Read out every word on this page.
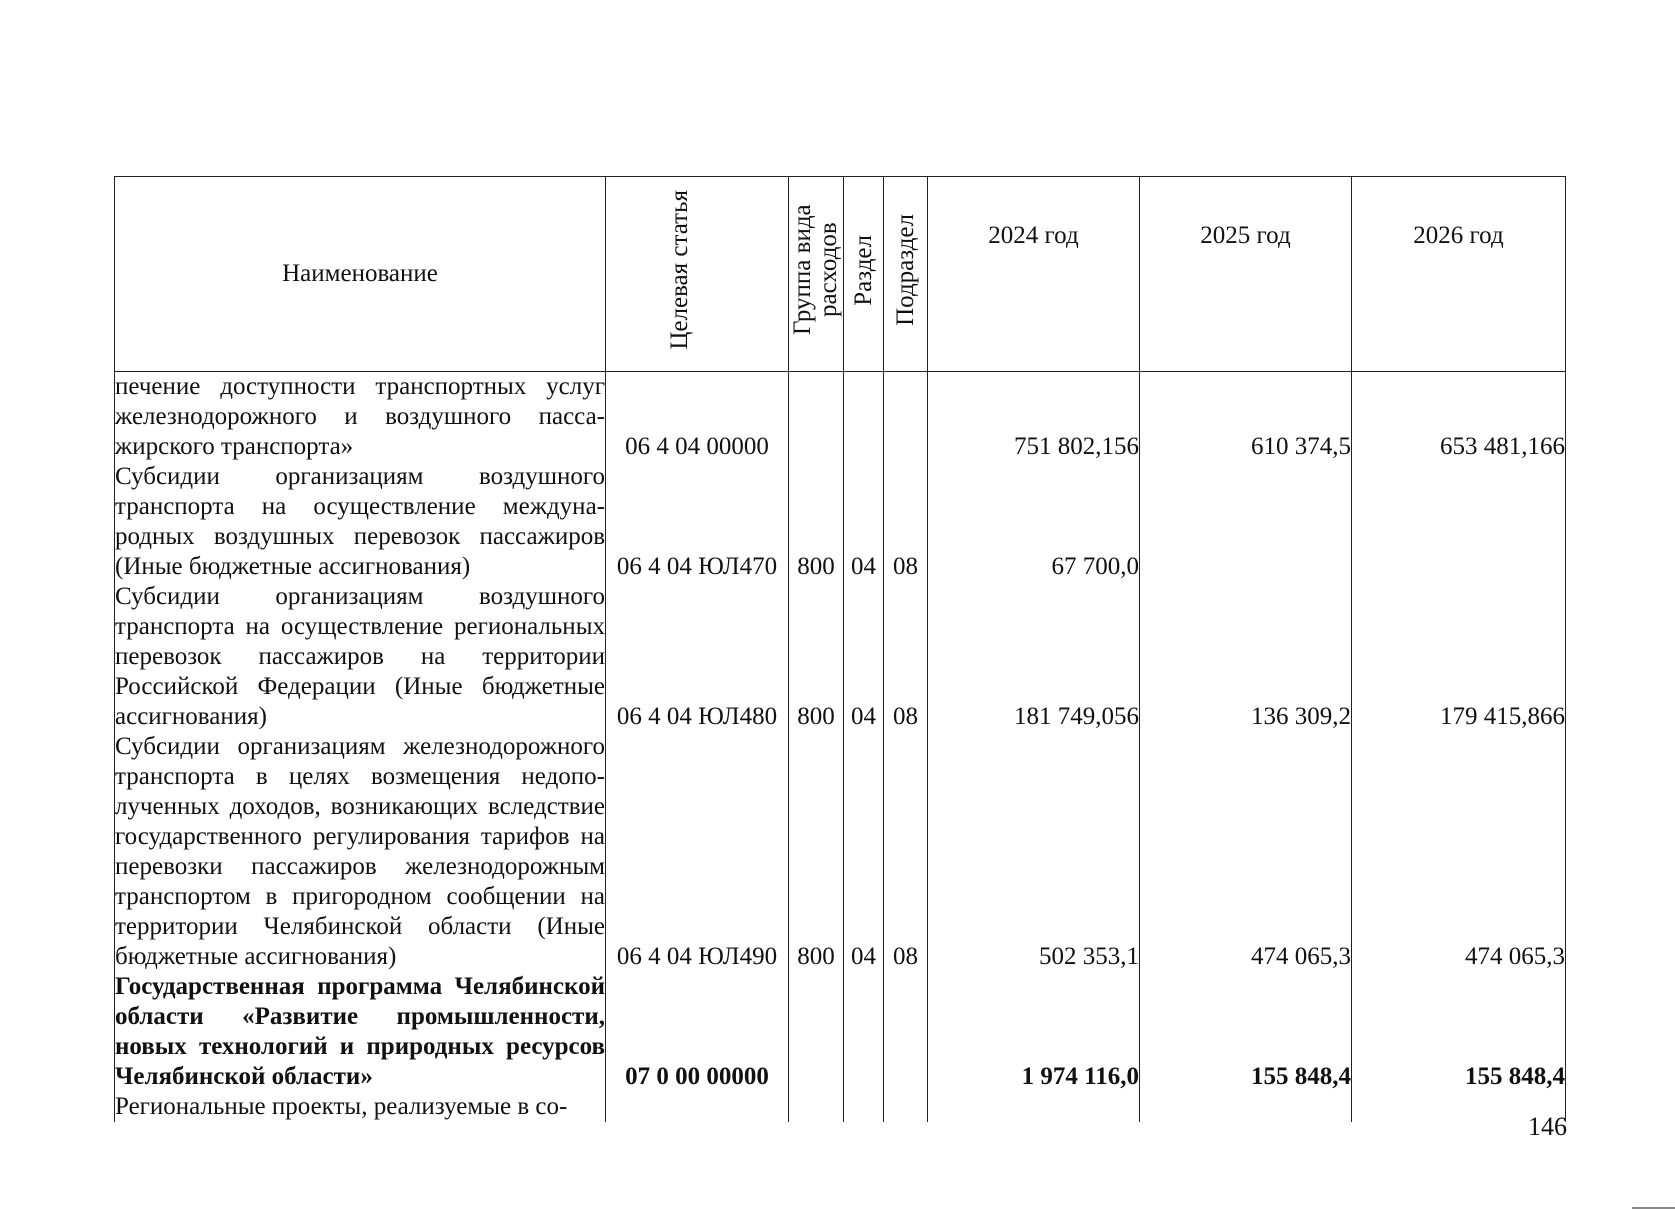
Наименование	Целевая статья	Группа вида расходов	Раздел	Подраздел	2024 год	2025 год	2026 год
печение доступности транспортных услуг железнодорожного и воздушного пассажирского транспорта»	06 4 04 00000				751 802,156	610 374,5	653 481,166
Субсидии организациям воздушного транспорта на осуществление международных воздушных перевозок пассажиров (Иные бюджетные ассигнования)	06 4 04 ЮЛ470	800	04	08	67 700,0		
Субсидии организациям воздушного транспорта на осуществление региональных перевозок пассажиров на территории Российской Федерации (Иные бюджетные ассигнования)	06 4 04 ЮЛ480	800	04	08	181 749,056	136 309,2	179 415,866
Субсидии организациям железнодорожного транспорта в целях возмещения недополученных доходов, возникающих вследствие государственного регулирования тарифов на перевозки пассажиров железнодорожным транспортом в пригородном сообщении на территории Челябинской области (Иные бюджетные ассигнования)	06 4 04 ЮЛ490	800	04	08	502 353,1	474 065,3	474 065,3
Государственная программа Челябинской области «Развитие промышленности, новых технологий и природных ресурсов Челябинской области»	07 0 00 00000				1 974 116,0	155 848,4	155 848,4
Региональные проекты, реализуемые в со-							
146
